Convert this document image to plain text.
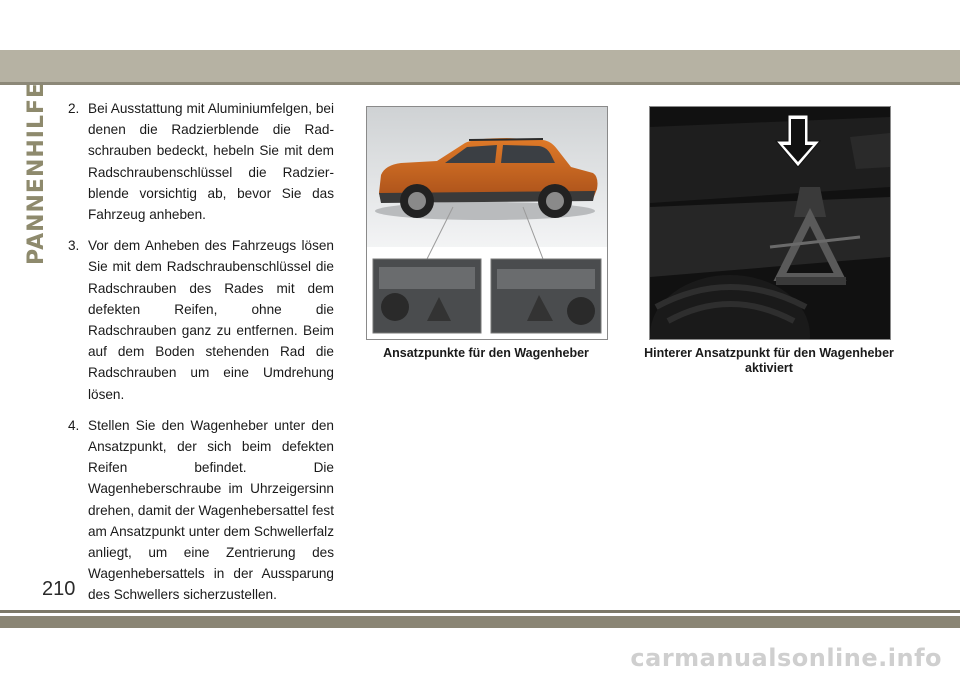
PANNENHILFE 2. Bei Ausstattung mit Aluminiumfelgen, bei denen die Radzierblende die Radschrauben bedeckt, hebeln Sie mit dem Radschraubenschlüssel die Radzierblende vorsichtig ab, bevor Sie das Fahrzeug anheben.
3. Vor dem Anheben des Fahrzeugs lösen Sie mit dem Radschraubenschlüssel die Radschrauben des Rades mit dem defekten Reifen, ohne die Radschrauben ganz zu entfernen. Beim auf dem Boden stehenden Rad die Radschrauben um eine Umdrehung lösen.
4. Stellen Sie den Wagenheber unter den Ansatzpunkt, der sich beim defekten Reifen befindet. Die Wagenheberschraube im Uhrzeigersinn drehen, damit der Wagenhebersattel fest am Ansatzpunkt unter dem Schwellerfalz anliegt, um eine Zentrierung des Wagenhebersattels in der Aussparung des Schwellers sicherzustellen.
Ansatzpunkte für den Wagenheber	Hinterer Ansatzpunkt für den Wagenheber aktiviert
210
carmanualsonline.info
